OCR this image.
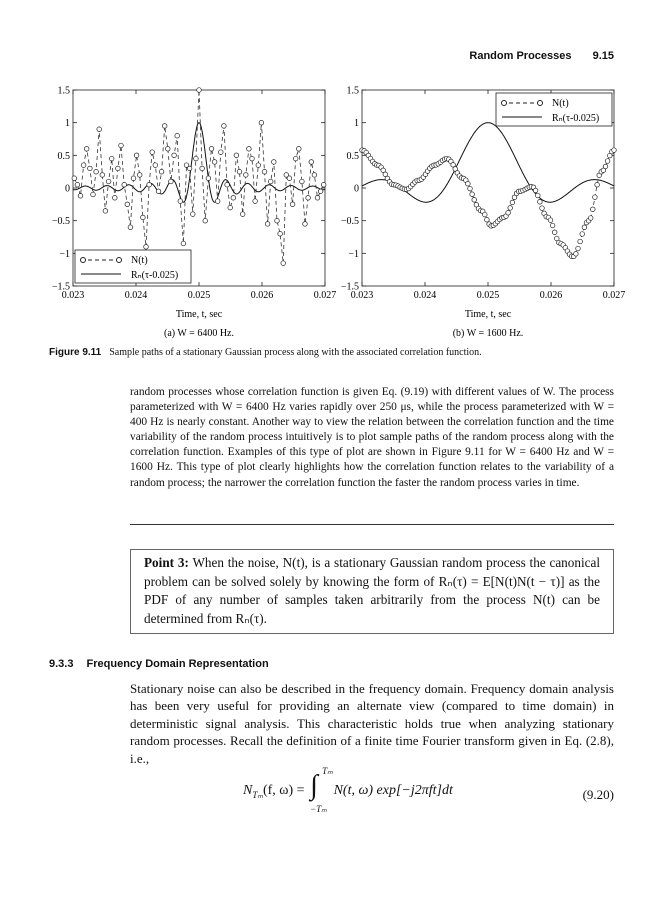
Random Processes 9.15
0.023	0.024	0.025	0.026	0.027
1.5
1
0.5
0
−0.5
−1
−1.5
Time, t, sec
(a) W = 6400 Hz.
N(t)
Rₙ(τ-0.025)
0.023	0.024	0.025	0.026	0.027
1.5
1
0.5
0
−0.5
−1
−1.5
Time, t, sec
(b) W = 1600 Hz.
N(t)
Rₙ(τ-0.025)
Figure 9.11 Sample paths of a stationary Gaussian process along with the associated correlation function.
random processes whose correlation function is given Eq. (9.19) with different values of W. The process parameterized with W = 6400 Hz varies rapidly over 250 μs, while the process parameterized with W = 400 Hz is nearly constant. Another way to view the relation between the correlation function and the time variability of the random process intuitively is to plot sample paths of the random process along with the correlation function. Examples of this type of plot are shown in Figure 9.11 for W = 6400 Hz and W = 1600 Hz. This type of plot clearly highlights how the correlation function relates to the variability of a random process; the narrower the correlation function the faster the random process varies in time.
Point 3: When the noise, N(t), is a stationary Gaussian random process the canonical problem can be solved solely by knowing the form of Rₙ(τ) = E[N(t)N(t − τ)] as the PDF of any number of samples taken arbitrarily from the process N(t) can be determined from Rₙ(τ).
9.3.3 Frequency Domain Representation
Stationary noise can also be described in the frequency domain. Frequency domain analysis has been very useful for providing an alternate view (compared to time domain) in deterministic signal analysis. This characteristic holds true when analyzing stationary random processes. Recall the definition of a finite time Fourier transform given in Eq. (2.8), i.e.,
$N_{T_m}(f$, ω) = ∫ Tₘ
−Tₘ
N(t, ω) exp[−j2πft]dt	(9.20)
